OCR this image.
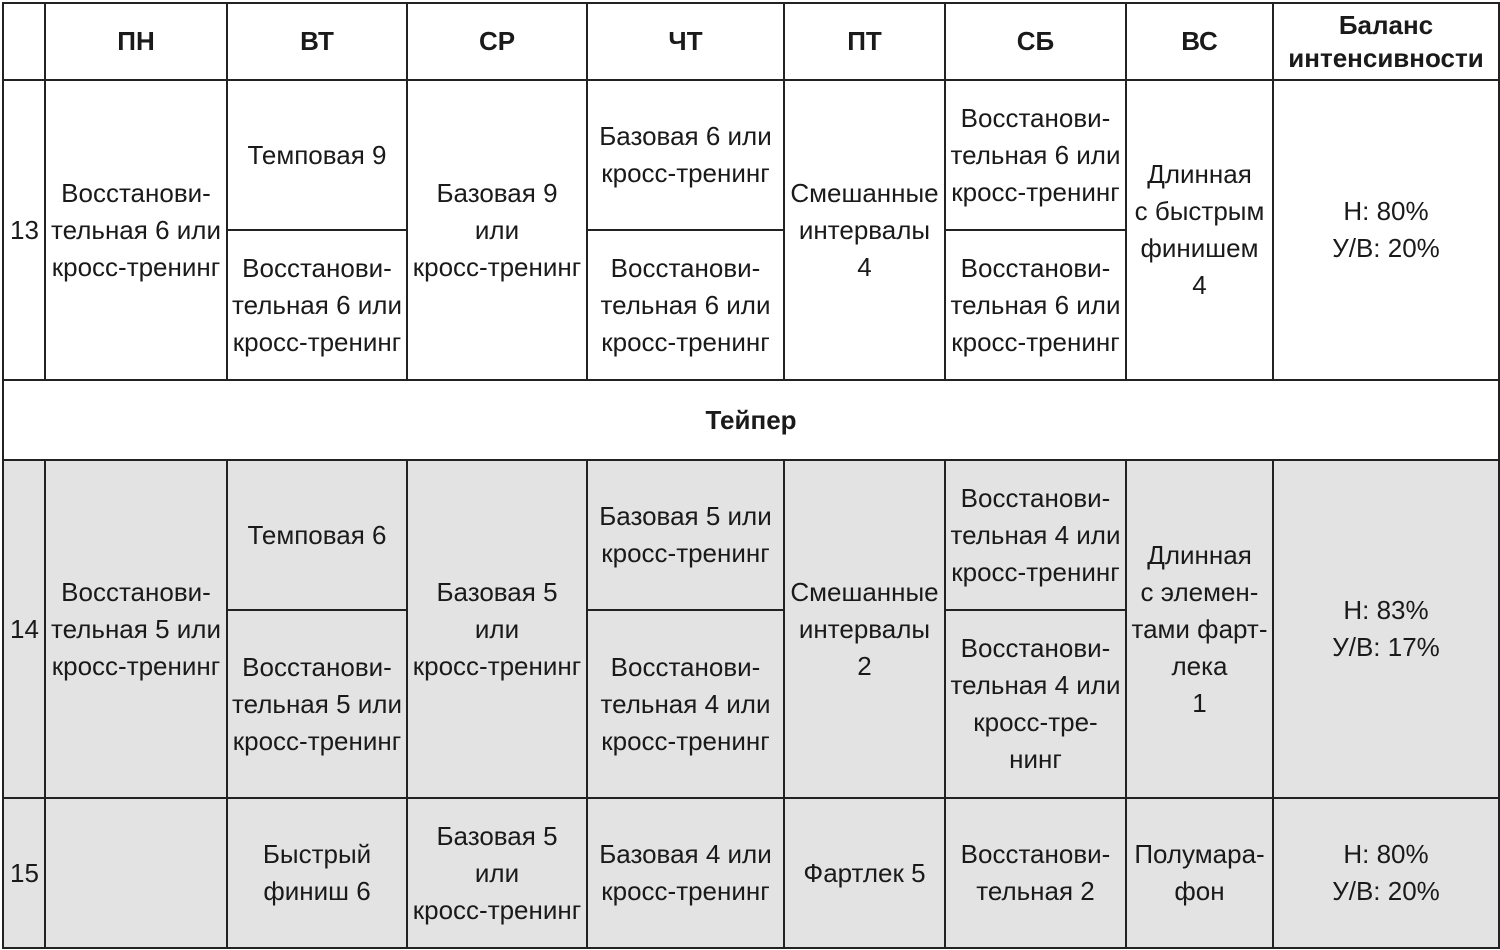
	ПН	ВТ	СР	ЧТ	ПТ	СБ	ВС	Баланс
интенсивности
13	Восстанови-
тельная 6 или
кросс-тренинг	Темповая 9	Базовая 9 или
кросс-тренинг	Базовая 6 или
кросс-тренинг	Смешанные
интервалы 4	Восстанови-
тельная 6 или
кросс-тренинг	Длинная
с быстрым
финишем 4	Н: 80%
У/В: 20%
		Восстанови-
тельная 6 или
кросс-тренинг		Восстанови-
тельная 6 или
кросс-тренинг		Восстанови-
тельная 6 или
кросс-тренинг		
Тейпер								
14	Восстанови-
тельная 5 или
кросс-тренинг	Темповая 6	Базовая 5 или
кросс-тренинг	Базовая 5 или
кросс-тренинг	Смешанные
интервалы 2	Восстанови-
тельная 4 или
кросс-тренинг	Длинная
с элемен-
тами фарт-
лека
1	Н: 83%
У/В: 17%
		Восстанови-
тельная 5 или
кросс-тренинг		Восстанови-
тельная 4 или
кросс-тренинг		Восстанови-
тельная 4 или
кросс-тре-
нинг		
15		Быстрый
финиш 6	Базовая 5 или
кросс-тренинг	Базовая 4 или
кросс-тренинг	Фартлек 5	Восстанови-
тельная 2	Полумара-
фон	Н: 80%
У/В: 20%
